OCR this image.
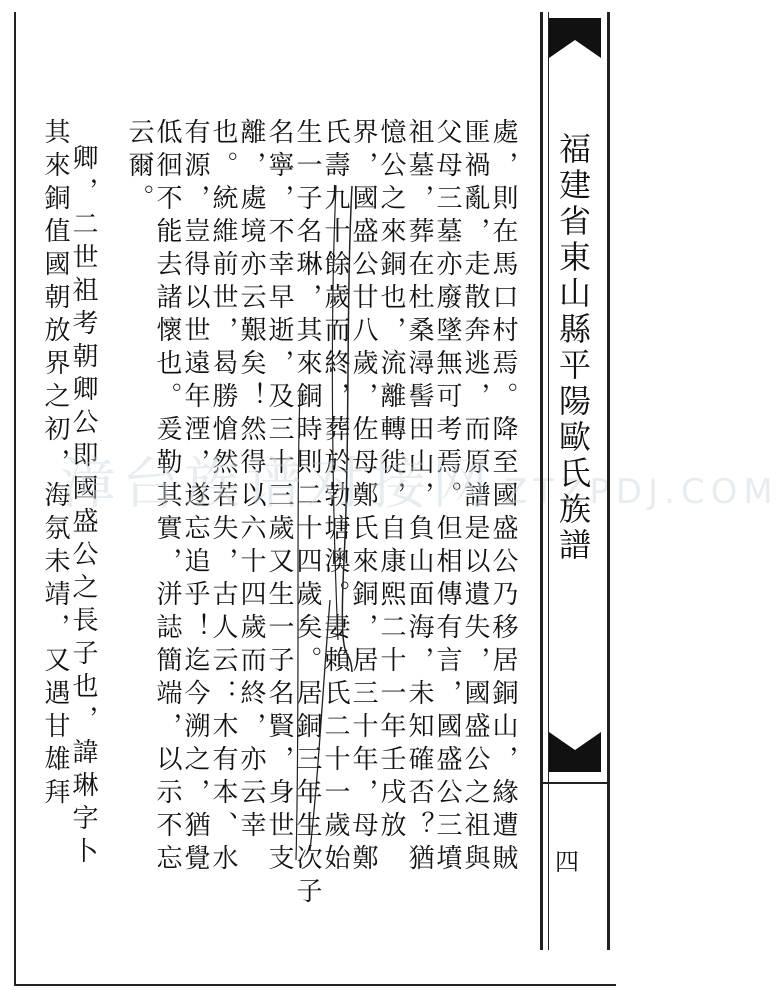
處，則在馬口村焉。降至國盛公乃移居銅山，緣遭賊
匪禍亂，走散奔逃，而原譜是以遺失，國盛公之祖與
父母三墓亦廢墜無可考焉。但相傳有言，國盛公三墳
祖墓，葬在杜桑潯髻田山，負山面海，未知確否？猶
憶公之來銅也，流離轉徙，自康熙二十一年壬戌放
界，國盛公廿八歲，佐母鄭氏來銅，居三十年，母鄭
氏壽九十餘歲而終，葬於勃塘澳。妻賴氏二十一歲始
生一子名琳，其來銅時則二十四歲矣。居銅三年生次子
名寧，不幸早逝，及三十三歲又生一子名賢，身世支
離，處境亦云艱矣！然得以六十四歲而終，亦云幸
也。統維前世，曷勝愴然若失，古人云：木有本、水
有源，豈得以世遠年湮，遂忘追乎！迄今溯之，猶覺
低徊不能去諸懷也。爰勒其實，洴誌簡端，以示不忘
云爾。
卿，二世祖考朝卿公即國盛公之長子也，諱琳字卜
其來銅值國朝放界之初，海氛未靖，又遇甘雄拜
漳台族谱对接网 ZTZPDJ.COM
福建省東山縣平陽歐氏族譜
四
